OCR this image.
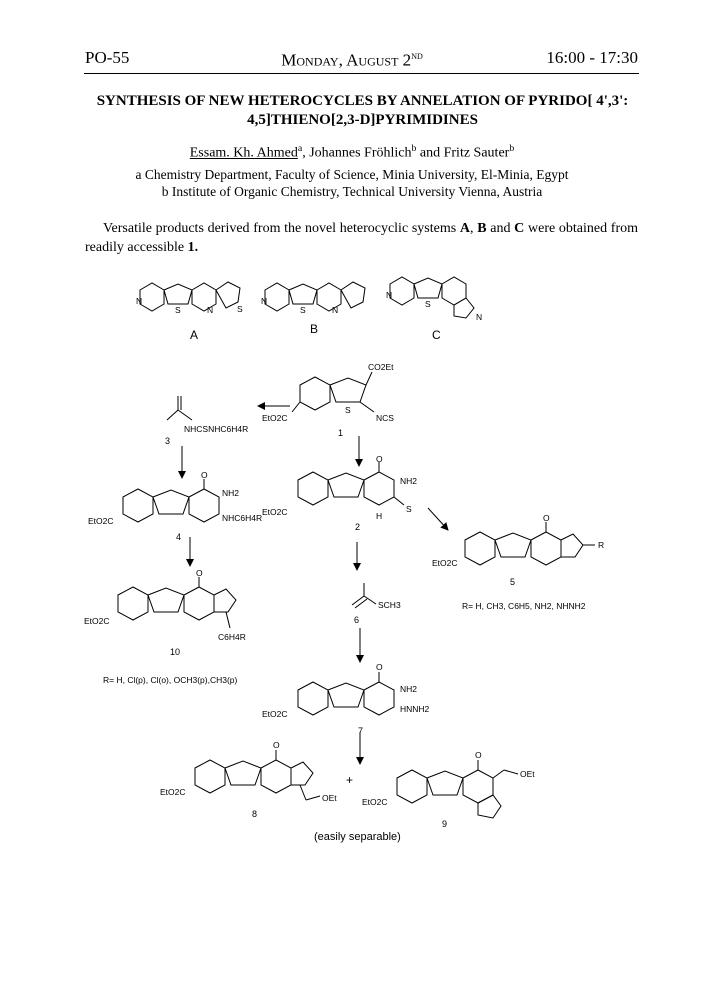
PO-55	Monday, August 2nd	16:00 - 17:30
SYNTHESIS OF NEW HETEROCYCLES BY ANNELATION OF PYRIDO[ 4',3': 4,5]THIENO[2,3-D]PYRIMIDINES
Essam. Kh. Ahmed$^a$, Johannes Fröhlich$^b$ and Fritz Sauter$^b$
a Chemistry Department, Faculty of Science, Minia University, El-Minia, Egypt
b Institute of Organic Chemistry, Technical University Vienna, Austria
Versatile products derived from the novel heterocyclic systems A, B and C were obtained from readily accessible 1.
N
S	N	S
N
S	N
N
S
N
CO2Et
NCS
EtO2C
S
NHCSNHC6H4R
O
NH2
S
H
EtO2C
O
NH2
NHC6H4R
EtO2C	O
R
EtO2C
SCH3
O
C6H4R
EtO2C
O
NH2
HNNH2
EtO2C
O
OEt
EtO2C
O
OEt
EtO2C
+
A	B	C
1
2
3
4
5
6
7
8
9
10
R= H, CH3, C6H5, NH2, NHNH2
R= H, Cl(p), Cl(o), OCH3(p),CH3(p)
(easily separable)
